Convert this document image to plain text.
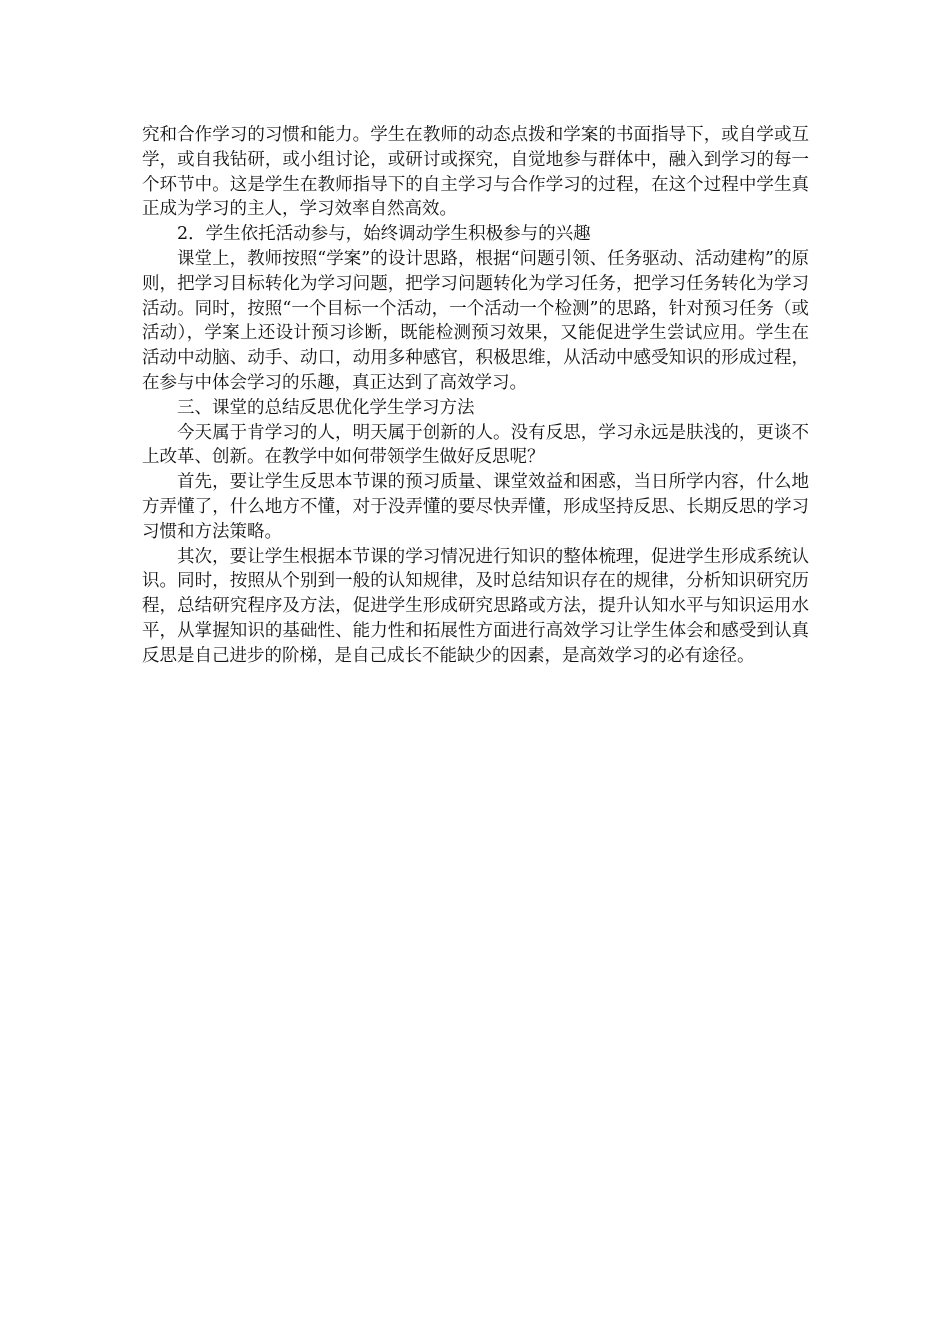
究和合作学习的习惯和能力。学生在教师的动态点拨和学案的书面指导下，或自学或互学，或自我钻研，或小组讨论，或研讨或探究，自觉地参与群体中，融入到学习的每一个环节中。这是学生在教师指导下的自主学习与合作学习的过程，在这个过程中学生真正成为学习的主人，学习效率自然高效。

2．学生依托活动参与，始终调动学生积极参与的兴趣

课堂上，教师按照“学案”的设计思路，根据“问题引领、任务驱动、活动建构”的原则，把学习目标转化为学习问题，把学习问题转化为学习任务，把学习任务转化为学习活动。同时，按照“一个目标一个活动，一个活动一个检测”的思路，针对预习任务（或活动），学案上还设计预习诊断，既能检测预习效果，又能促进学生尝试应用。学生在活动中动脑、动手、动口，动用多种感官，积极思维，从活动中感受知识的形成过程，在参与中体会学习的乐趣，真正达到了高效学习。

三、课堂的总结反思优化学生学习方法

今天属于肯学习的人，明天属于创新的人。没有反思，学习永远是肤浅的，更谈不上改革、创新。在教学中如何带领学生做好反思呢？

首先，要让学生反思本节课的预习质量、课堂效益和困惑，当日所学内容，什么地方弄懂了，什么地方不懂，对于没弄懂的要尽快弄懂，形成坚持反思、长期反思的学习习惯和方法策略。

其次，要让学生根据本节课的学习情况进行知识的整体梳理，促进学生形成系统认识。同时，按照从个别到一般的认知规律，及时总结知识存在的规律，分析知识研究历程，总结研究程序及方法，促进学生形成研究思路或方法，提升认知水平与知识运用水平，从掌握知识的基础性、能力性和拓展性方面进行高效学习让学生体会和感受到认真反思是自己进步的阶梯，是自己成长不能缺少的因素，是高效学习的必有途径。
